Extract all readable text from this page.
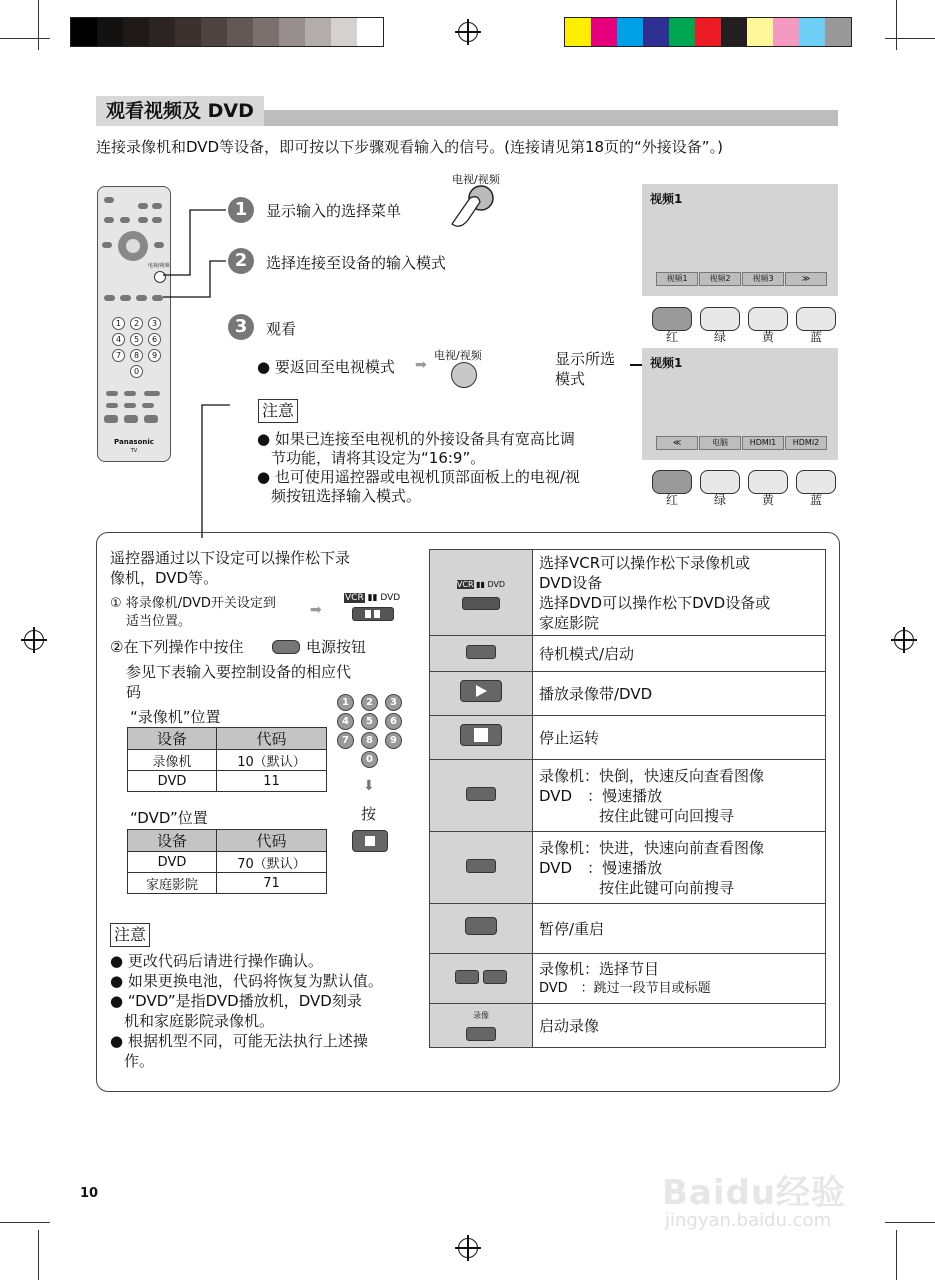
观看视频及 DVD
连接录像机和DVD等设备，即可按以下步骤观看输入的信号。(连接请见第18页的“外接设备”。)
电视/视频
1	2	3
4	5	6
7	8	9
0
Panasonic
TV
1	显示输入的选择菜单
2	选择连接至设备的输入模式
3	观看
电视/视频
● 要返回至电视模式 ➡
电视/视频
视频1
视频1	视频2	视频3	≫
红	绿	黄	蓝
显示所选
模式
视频1
≪	电脑	HDMI1	HDMI2
红	绿	黄	蓝
注意
● 如果已连接至电视机的外接设备具有宽高比调
节功能，请将其设定为“16:9”。
● 也可使用遥控器或电视机顶部面板上的电视/视
频按钮选择输入模式。
遥控器通过以下设定可以操作松下录
像机，DVD等。
① 将录像机/DVD开关设定到
适当位置。
➡
VCR ▮▮ DVD
②在下列操作中按住	电源按钮
参见下表输入要控制设备的相应代
码
“录像机”位置
设备	代码
录像机	10（默认）
DVD	11
“DVD”位置
设备	代码
DVD	70（默认）
家庭影院	71
1	2	3
4	5	6
7	8	9
0
⬇
按
注意
● 更改代码后请进行操作确认。
● 如果更换电池，代码将恢复为默认值。
● “DVD”是指DVD播放机，DVD刻录
机和家庭影院录像机。
● 根据机型不同，可能无法执行上述操
作。
VCR ▮▮ DVD	选择VCR可以操作松下录像机或
DVD设备
选择DVD可以操作松下DVD设备或
家庭影院

	待机模式/启动

	播放录像带/DVD

	停止运转

	录像机：快倒，快速反向查看图像
DVD　：慢速播放
　　　　按住此键可向回搜寻

	录像机：快进，快速向前查看图像
DVD　：慢速播放
　　　　按住此键可向前搜寻

	暂停/重启

	录像机：选择节目
DVD　：跳过一段节目或标题

录像	启动录像
10	Baidu经验
jingyan.baidu.com
